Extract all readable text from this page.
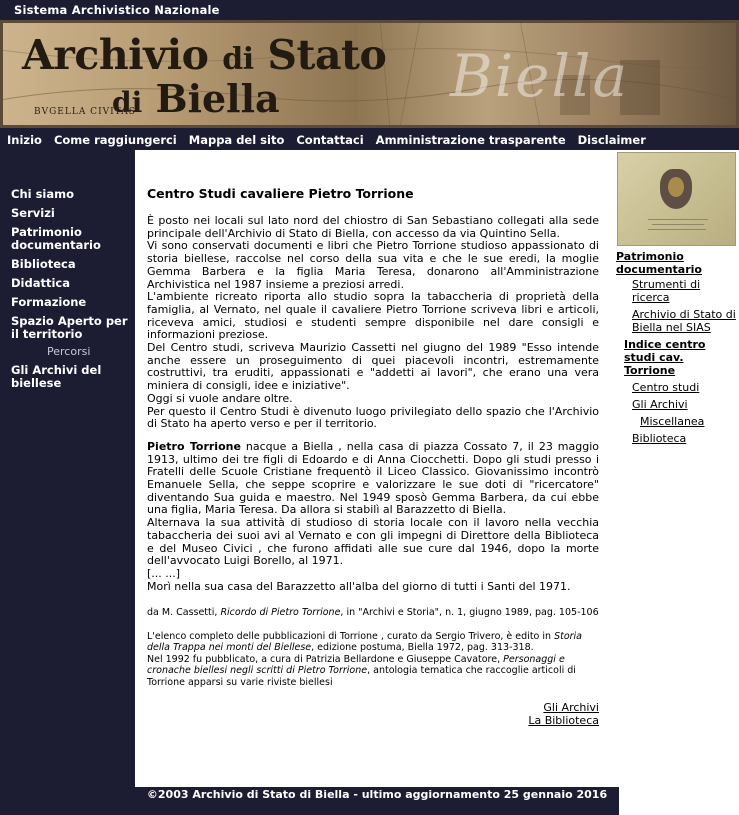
Sistema Archivistico Nazionale
Archivio di Stato
di Biella	Biella
BVGELLA CIVITAS
Inizio Come raggiungerci Mappa del sito Contattaci Amministrazione trasparente Disclaimer
Chi siamo
Servizi
Patrimonio documentario
Biblioteca
Didattica
Formazione
Spazio Aperto per il territorio
Percorsi
Gli Archivi del biellese
Centro Studi cavaliere Pietro Torrione
È posto nei locali sul lato nord del chiostro di San Sebastiano collegati alla sede principale dell'Archivio di Stato di Biella, con accesso da via Quintino Sella.
Vi sono conservati documenti e libri che Pietro Torrione studioso appassionato di storia biellese, raccolse nel corso della sua vita e che le sue eredi, la moglie Gemma Barbera e la figlia Maria Teresa, donarono all'Amministrazione Archivistica nel 1987 insieme a preziosi arredi.
L'ambiente ricreato riporta allo studio sopra la tabaccheria di proprietà della famiglia, al Vernato, nel quale il cavaliere Pietro Torrione scriveva libri e articoli, riceveva amici, studiosi e studenti sempre disponibile nel dare consigli e informazioni preziose.
Del Centro studi, scriveva Maurizio Cassetti nel giugno del 1989 "Esso intende anche essere un proseguimento di quei piacevoli incontri, estremamente costruttivi, tra eruditi, appassionati e "addetti ai lavori", che erano una vera miniera di consigli, idee e iniziative".
Oggi si vuole andare oltre.
Per questo il Centro Studi è divenuto luogo privilegiato dello spazio che l'Archivio di Stato ha aperto verso e per il territorio.
Pietro Torrione nacque a Biella , nella casa di piazza Cossato 7, il 23 maggio 1913, ultimo dei tre figli di Edoardo e di Anna Ciocchetti. Dopo gli studi presso i Fratelli delle Scuole Cristiane frequentò il Liceo Classico. Giovanissimo incontrò Emanuele Sella, che seppe scoprire e valorizzare le sue doti di "ricercatore" diventando Sua guida e maestro. Nel 1949 sposò Gemma Barbera, da cui ebbe una figlia, Maria Teresa. Da allora si stabilì al Barazzetto di Biella.
Alternava la sua attività di studioso di storia locale con il lavoro nella vecchia tabaccheria dei suoi avi al Vernato e con gli impegni di Direttore della Biblioteca e del Museo Civici , che furono affidati alle sue cure dal 1946, dopo la morte dell'avvocato Luigi Borello, al 1971.
[... ...]
Morì nella sua casa del Barazzetto all'alba del giorno di tutti i Santi del 1971.
da M. Cassetti, Ricordo di Pietro Torrione, in "Archivi e Storia", n. 1, giugno 1989, pag. 105-106
L'elenco completo delle pubblicazioni di Torrione , curato da Sergio Trivero, è edito in Storia della Trappa nei monti del Biellese, edizione postuma, Biella 1972, pag. 313-318.
Nel 1992 fu pubblicato, a cura di Patrizia Bellardone e Giuseppe Cavatore, Personaggi e cronache biellesi negli scritti di Pietro Torrione, antologia tematica che raccoglie articoli di Torrione apparsi su varie riviste biellesi
Gli Archivi
La Biblioteca
Patrimonio documentario
Strumenti di ricerca
Archivio di Stato di Biella nel SIAS
Indice centro studi cav. Torrione
Centro studi
Gli Archivi
Miscellanea
Biblioteca
©2003 Archivio di Stato di Biella - ultimo aggiornamento 25 gennaio 2016
